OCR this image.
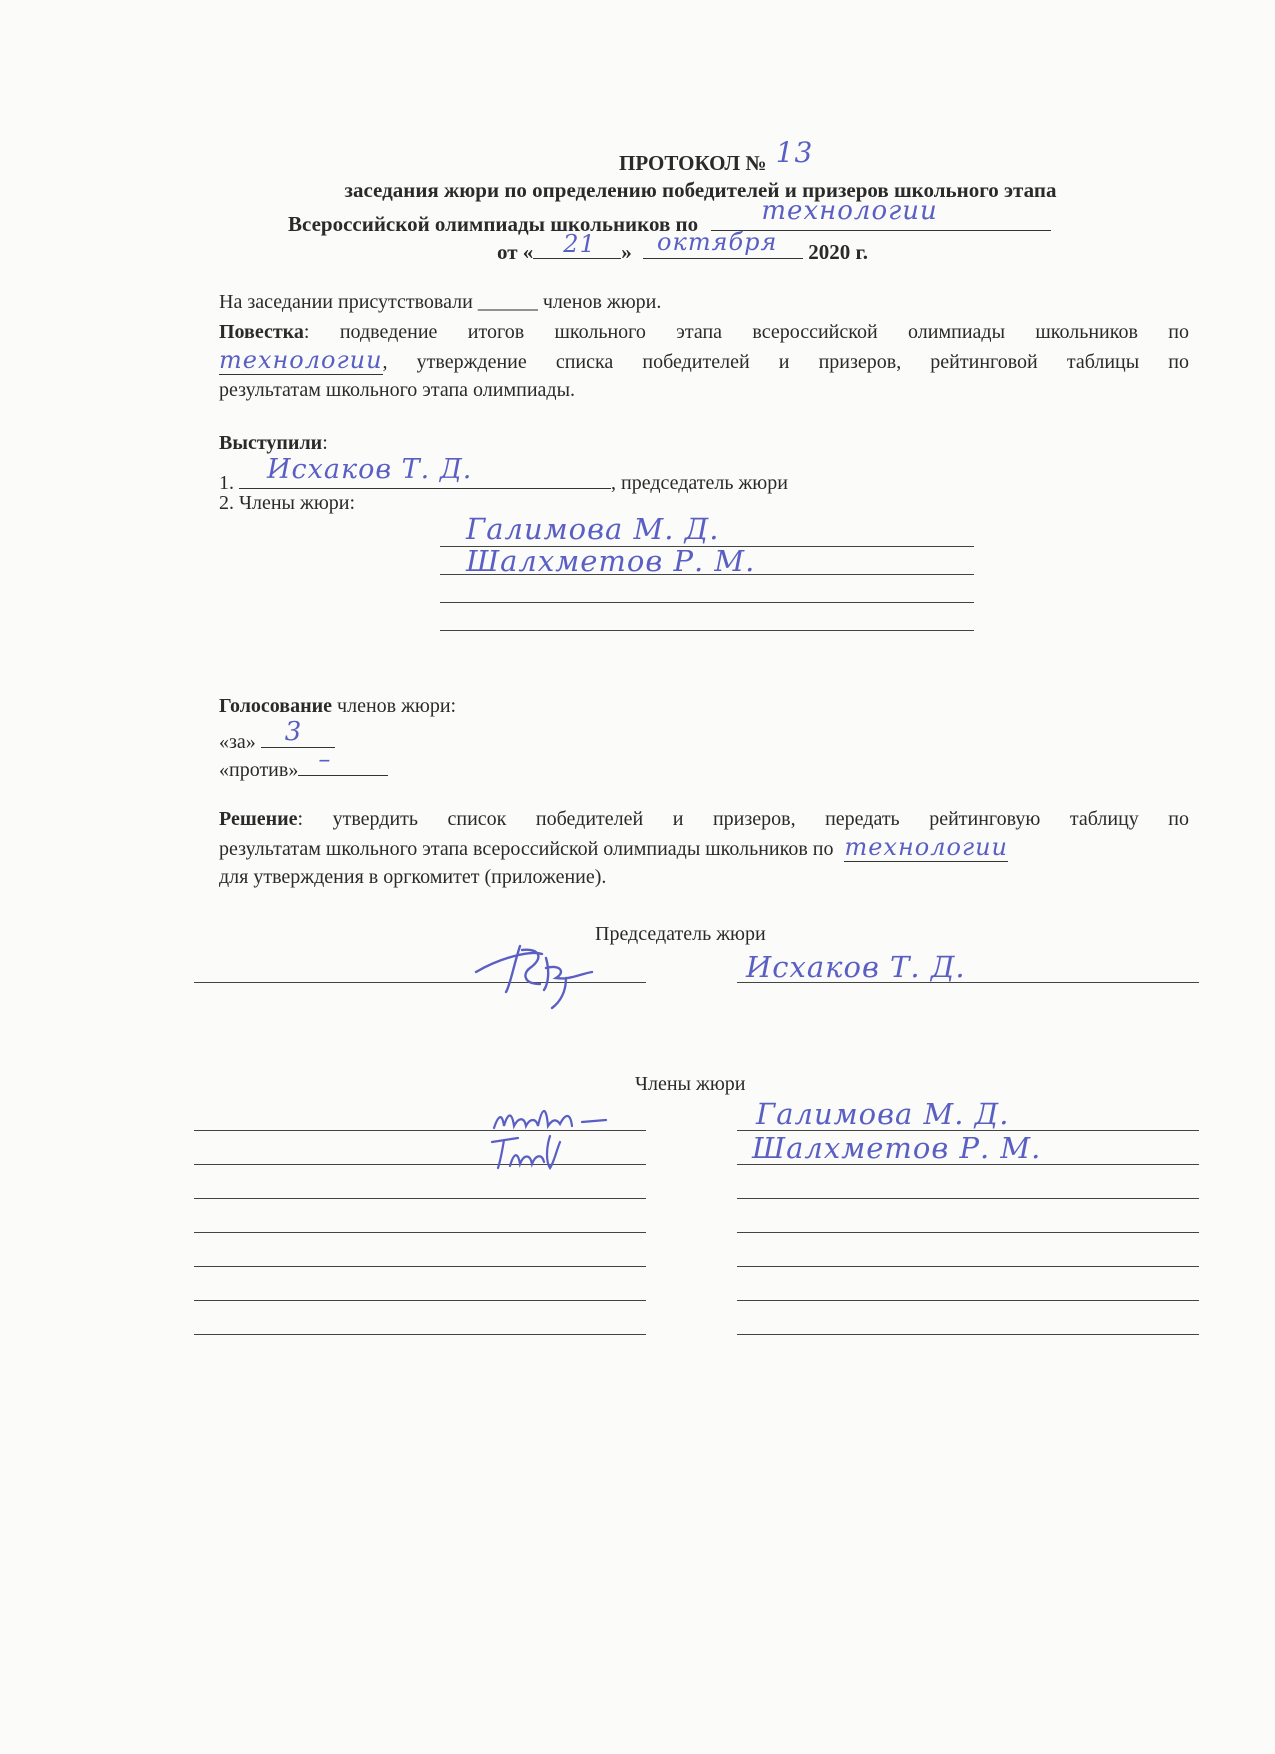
ПРОТОКОЛ № 13
заседания жюри по определению победителей и призеров школьного этапа
Всероссийской олимпиады школьников по технологии
от « 21 » октября 2020 г.
На заседании присутствовали ______ членов жюри.
Повестка: подведение итогов школьного этапа всероссийской олимпиады школьников по
технологии, утверждение списка победителей и призеров, рейтинговой таблицы по
результатам школьного этапа олимпиады.
Выступили:
1. Исхаков Т. Д.	, председатель жюри
2. Члены жюри:
Галимова М. Д.
Шалхметов Р. М.
Голосование членов жюри:
«за» 3
«против» –
Решение: утвердить список победителей и призеров, передать рейтинговую таблицу по
результатам школьного этапа всероссийской олимпиады школьников по технологии
для утверждения в оргкомитет (приложение).
Председатель жюри
Исхаков Т. Д.
Члены жюри
Галимова М. Д.
Шалхметов Р. М.
